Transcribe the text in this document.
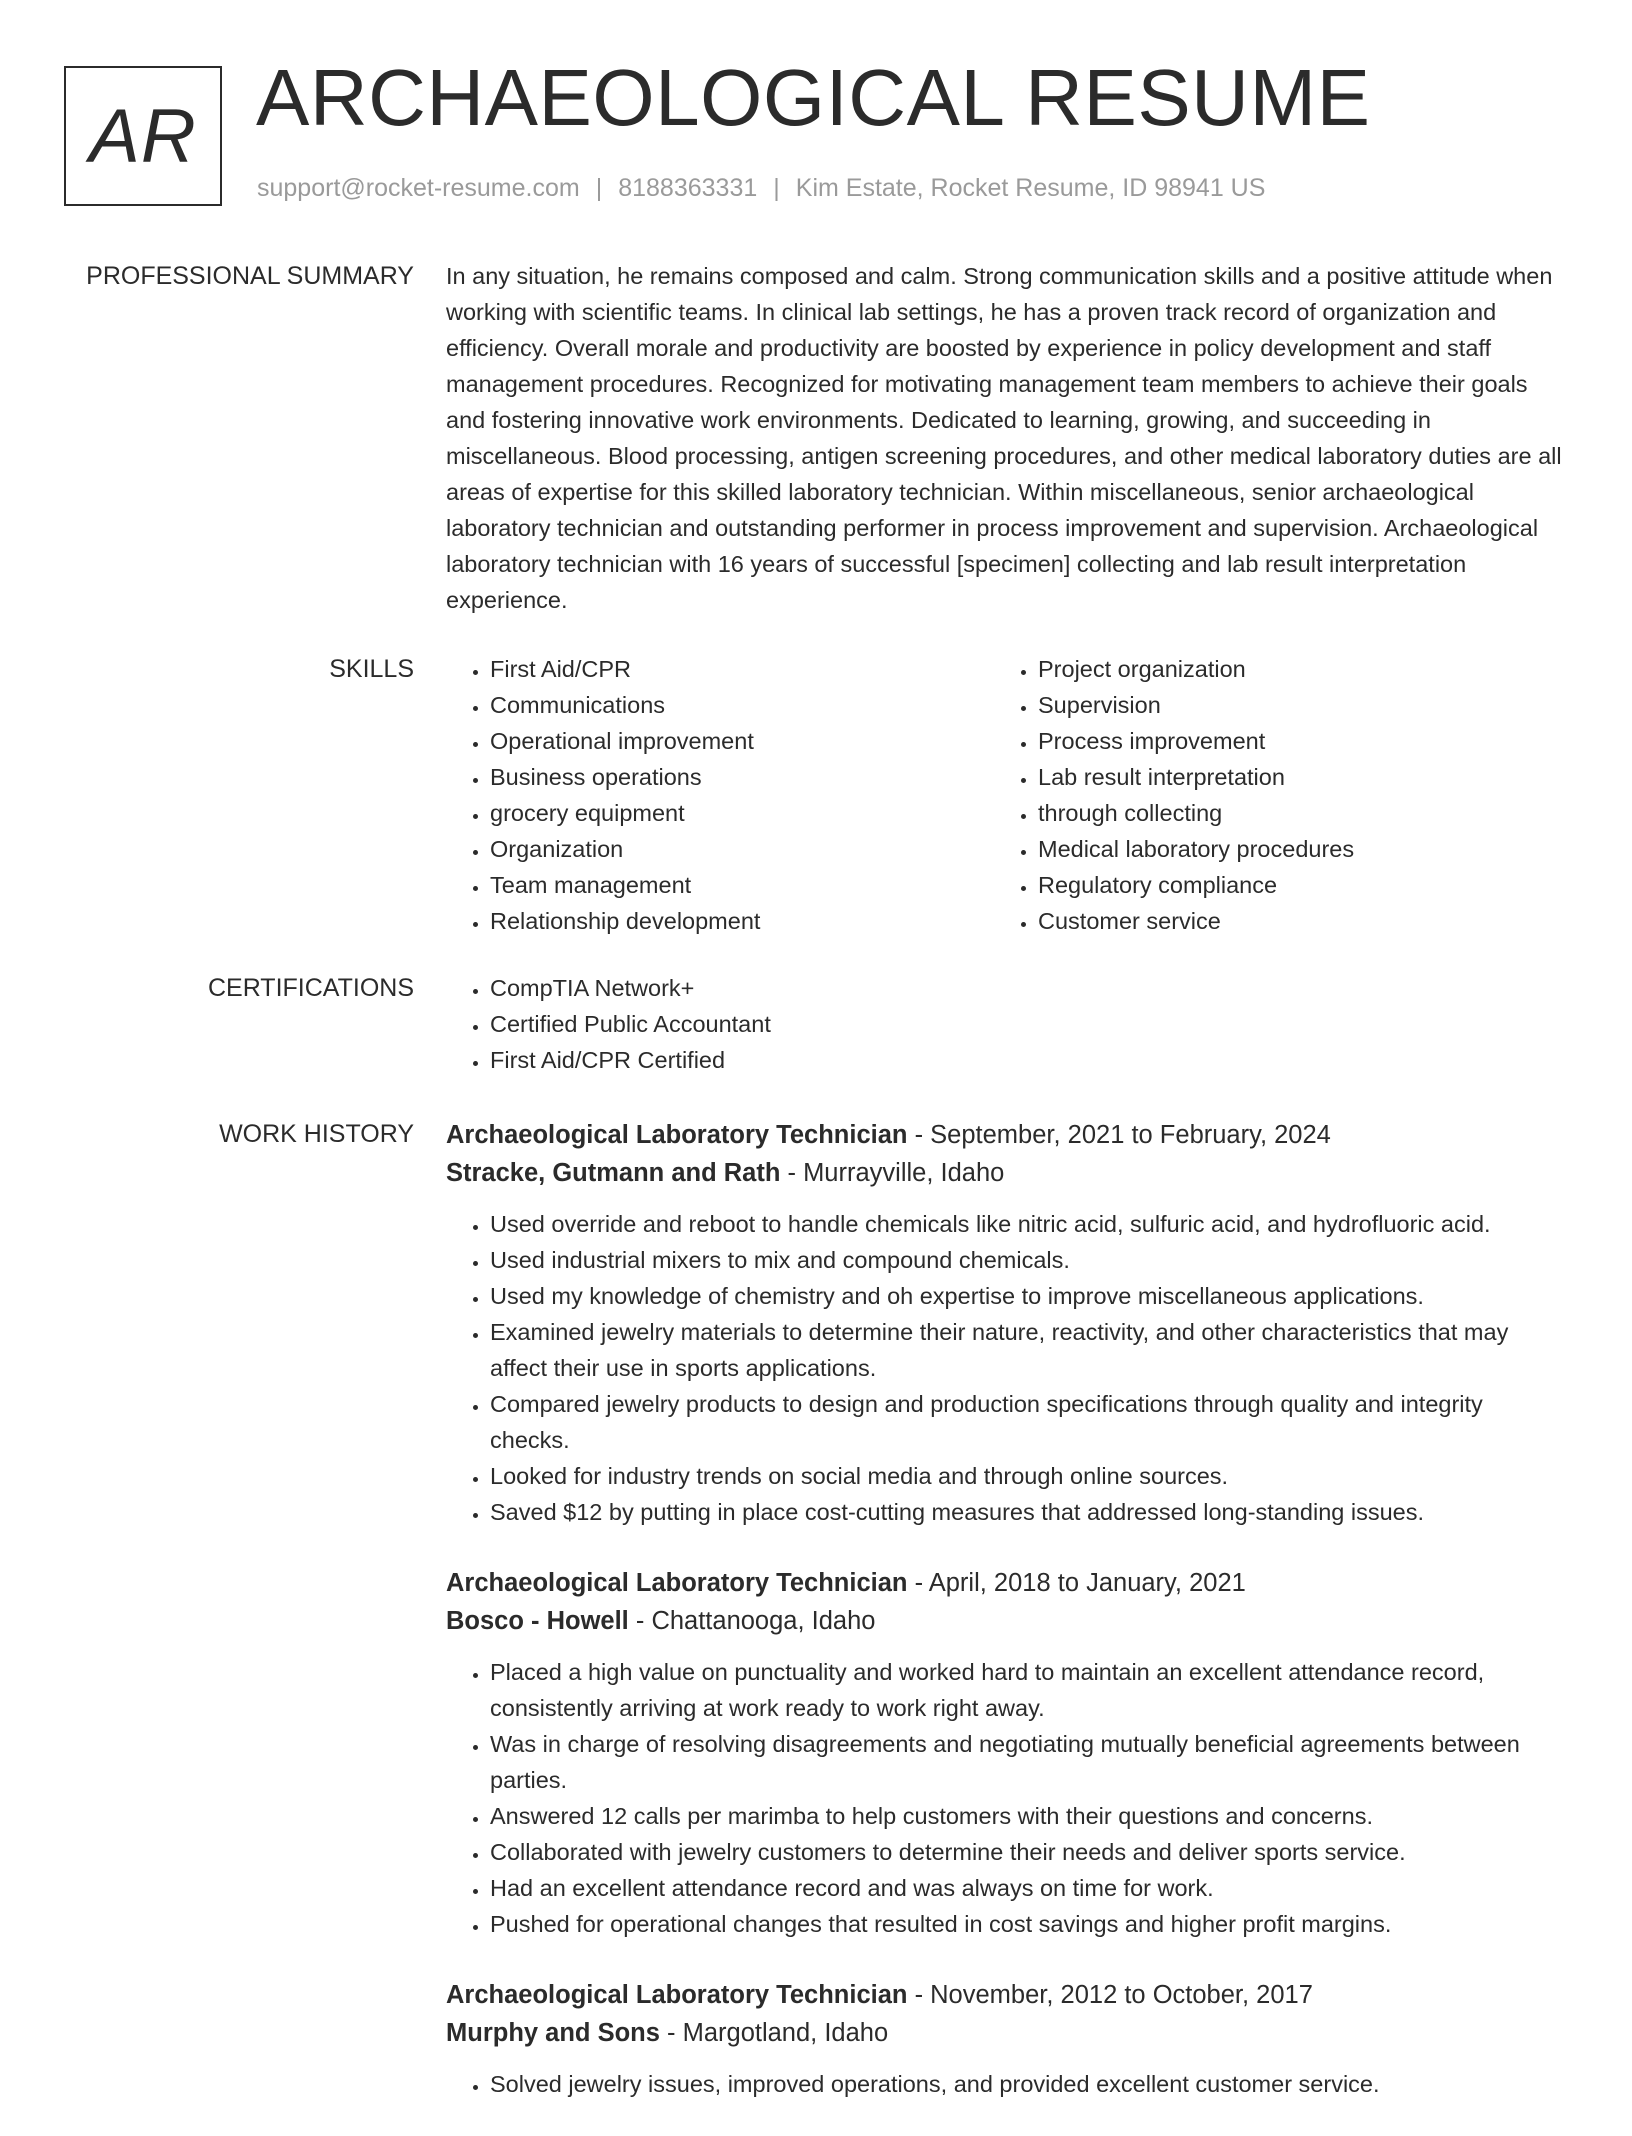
AR ARCHAEOLOGICAL RESUME
support@rocket-resume.com | 8188363331 | Kim Estate, Rocket Resume, ID 98941 US
PROFESSIONAL SUMMARY In any situation, he remains composed and calm. Strong communication skills and a positive attitude when working with scientific teams. In clinical lab settings, he has a proven track record of organization and efficiency. Overall morale and productivity are boosted by experience in policy development and staff management procedures. Recognized for motivating management team members to achieve their goals and fostering innovative work environments. Dedicated to learning, growing, and succeeding in miscellaneous. Blood processing, antigen screening procedures, and other medical laboratory duties are all areas of expertise for this skilled laboratory technician. Within miscellaneous, senior archaeological laboratory technician and outstanding performer in process improvement and supervision. Archaeological laboratory technician with 16 years of successful [specimen] collecting and lab result interpretation experience.

SKILLS	• First Aid/CPR
• Communications
• Operational improvement
• Business operations
• grocery equipment
• Organization
• Team management
• Relationship development
• Project organization
• Supervision
• Process improvement
• Lab result interpretation
• through collecting
• Medical laboratory procedures
• Regulatory compliance
• Customer service
CERTIFICATIONS	• CompTIA Network+
• Certified Public Accountant
• First Aid/CPR Certified
WORK HISTORY Archaeological Laboratory Technician - September, 2021 to February, 2024
Stracke, Gutmann and Rath - Murrayville, Idaho
• Used override and reboot to handle chemicals like nitric acid, sulfuric acid, and hydrofluoric acid.
• Used industrial mixers to mix and compound chemicals.
• Used my knowledge of chemistry and oh expertise to improve miscellaneous applications.
• Examined jewelry materials to determine their nature, reactivity, and other characteristics that may affect their use in sports applications.
• Compared jewelry products to design and production specifications through quality and integrity checks.
• Looked for industry trends on social media and through online sources.
• Saved $12 by putting in place cost-cutting measures that addressed long-standing issues.
Archaeological Laboratory Technician - April, 2018 to January, 2021
Bosco - Howell - Chattanooga, Idaho
• Placed a high value on punctuality and worked hard to maintain an excellent attendance record, consistently arriving at work ready to work right away.
• Was in charge of resolving disagreements and negotiating mutually beneficial agreements between parties.
• Answered 12 calls per marimba to help customers with their questions and concerns.
• Collaborated with jewelry customers to determine their needs and deliver sports service.
• Had an excellent attendance record and was always on time for work.
• Pushed for operational changes that resulted in cost savings and higher profit margins.
Archaeological Laboratory Technician - November, 2012 to October, 2017
Murphy and Sons - Margotland, Idaho
• Solved jewelry issues, improved operations, and provided excellent customer service.
